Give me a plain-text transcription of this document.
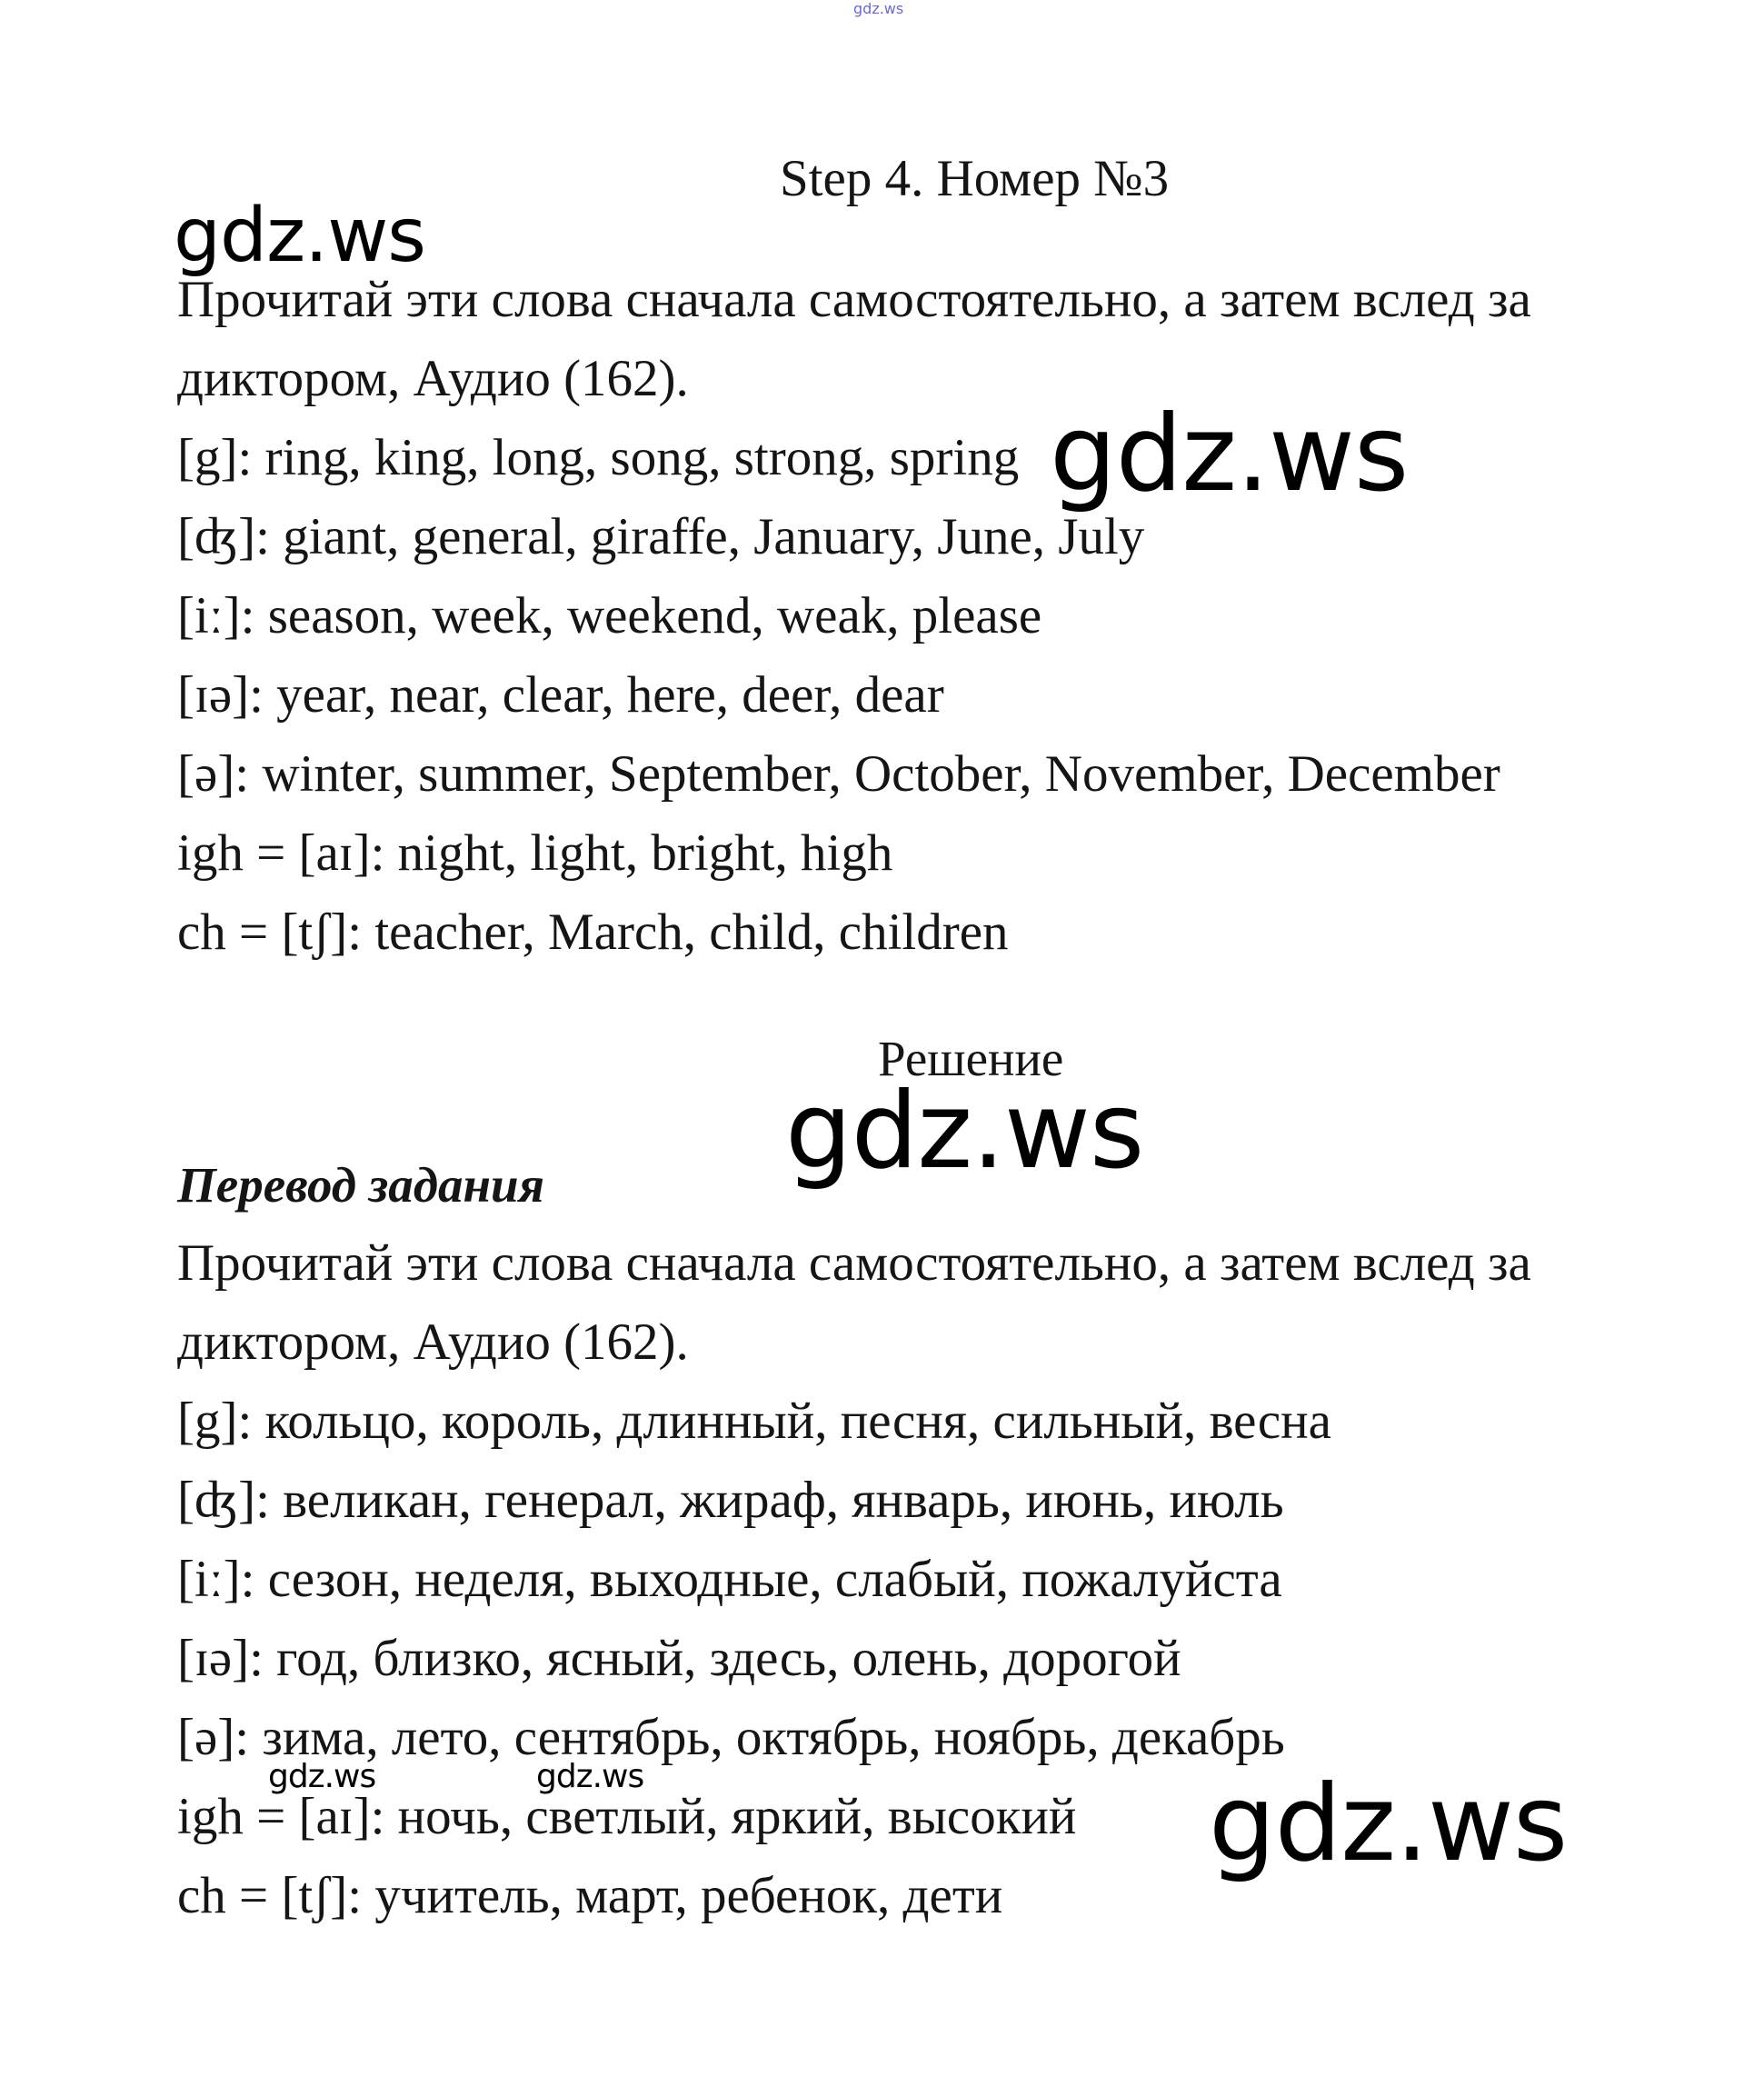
gdz.ws
Step 4. Номер №3
gdz.ws
Прочитай эти слова сначала самостоятельно, а затем вслед за
диктором, Аудио (162).
[g]: ring, king, long, song, strong, spring
[ʤ]: giant, general, giraffe, January, June, July
[iː]: season, week, weekend, weak, please
[ɪə]: year, near, clear, here, deer, dear
[ə]: winter, summer, September, October, November, December
igh = [aɪ]: night, light, bright, high
ch = [tʃ]: teacher, March, child, children
gdz.ws
Решение
gdz.ws
Перевод задания
Прочитай эти слова сначала самостоятельно, а затем вслед за
диктором, Аудио (162).
[g]: кольцо, король, длинный, песня, сильный, весна
[ʤ]: великан, генерал, жираф, январь, июнь, июль
[iː]: сезон, неделя, выходные, слабый, пожалуйста
[ɪə]: год, близко, ясный, здесь, олень, дорогой
[ə]: зима, лето, сентябрь, октябрь, ноябрь, декабрь
igh = [aɪ]: ночь, светлый, яркий, высокий
ch = [tʃ]: учитель, март, ребенок, дети
gdz.ws	gdz.ws	gdz.ws
